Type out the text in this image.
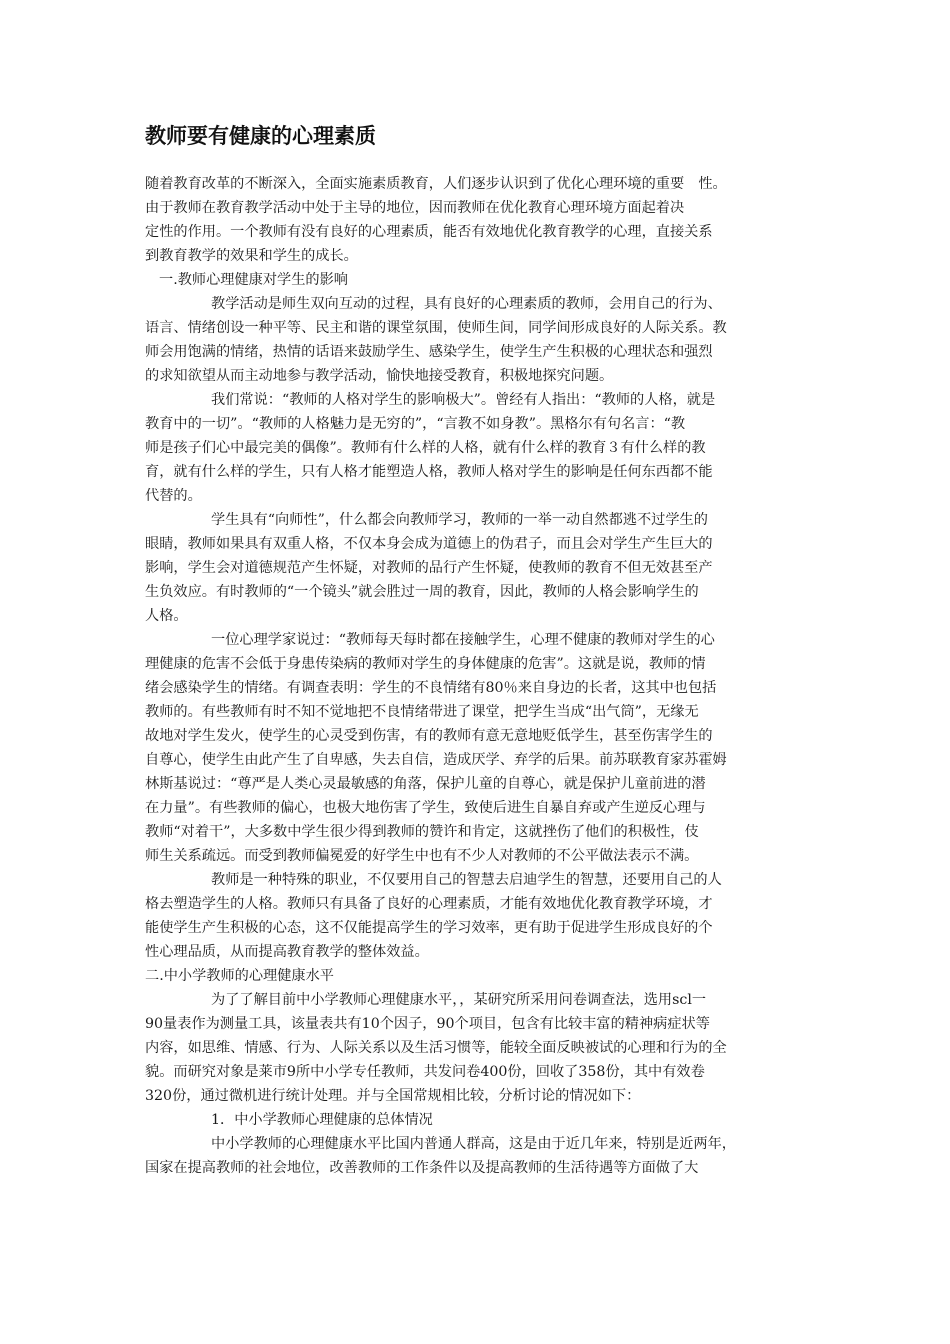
教师要有健康的心理素质
随着教育改革的不断深入，全面实施素质教育，人们逐步认识到了优化心理环境的重要　性。
由于教师在教育教学活动中处于主导的地位，因而教师在优化教育心理环境方面起着决
定性的作用。一个教师有没有良好的心理素质，能否有效地优化教育教学的心理，直接关系
到教育教学的效果和学生的成长。
一.教师心理健康对学生的影响
教学活动是师生双向互动的过程，具有良好的心理素质的教师，会用自己的行为、
语言、情绪创设一种平等、民主和谐的课堂氛围，使师生间，同学间形成良好的人际关系。教
师会用饱满的情绪，热情的话语来鼓励学生、感染学生，使学生产生积极的心理状态和强烈
的求知欲望从而主动地参与教学活动，愉快地接受教育，积极地探究问题。
我们常说：“教师的人格对学生的影响极大”。曾经有人指出：“教师的人格，就是
教育中的一切”。“教师的人格魅力是无穷的”，“言教不如身教”。黑格尔有句名言：“教
师是孩子们心中最完美的偶像”。教师有什么样的人格，就有什么样的教育３有什么样的教
育，就有什么样的学生，只有人格才能塑造人格，教师人格对学生的影响是任何东西都不能
代替的。
学生具有“向师性”，什么都会向教师学习，教师的一举一动自然都逃不过学生的
眼睛，教师如果具有双重人格，不仅本身会成为道德上的伪君子，而且会对学生产生巨大的
影响，学生会对道德规范产生怀疑，对教师的品行产生怀疑，使教师的教育不但无效甚至产
生负效应。有时教师的“一个镜头”就会胜过一周的教育，因此，教师的人格会影响学生的
人格。
一位心理学家说过：“教师每天每时都在接触学生，心理不健康的教师对学生的心
理健康的危害不会低于身患传染病的教师对学生的身体健康的危害”。这就是说，教师的情
绪会感染学生的情绪。有调查表明：学生的不良情绪有80％来自身边的长者，这其中也包括
教师的。有些教师有时不知不觉地把不良情绪带进了课堂，把学生当成“出气筒”，无缘无
故地对学生发火，使学生的心灵受到伤害，有的教师有意无意地贬低学生，甚至伤害学生的
自尊心，使学生由此产生了自卑感，失去自信，造成厌学、弃学的后果。前苏联教育家苏霍姆
林斯基说过：“尊严是人类心灵最敏感的角落，保护儿童的自尊心，就是保护儿童前进的潜
在力量”。有些教师的偏心，也极大地伤害了学生，致使后进生自暴自弃或产生逆反心理与
教师“对着干”，大多数中学生很少得到教师的赞许和肯定，这就挫伤了他们的积极性，伎
师生关系疏远。而受到教师偏冕爱的好学生中也有不少人对教师的不公平做法表示不满。
教师是一种特殊的职业，不仅要用自己的智慧去启迪学生的智慧，还要用自己的人
格去塑造学生的人格。教师只有具备了良好的心理素质，才能有效地优化教育教学环境，才
能使学生产生积极的心态，这不仅能提高学生的学习效率，更有助于促进学生形成良好的个
性心理品质，从而提高教育教学的整体效益。
二.中小学教师的心理健康水平
为了了解目前中小学教师心理健康水平，，某研究所采用问卷调查法，选用scl一
90量表作为测量工具，该量表共有10个因子，90个项目，包含有比较丰富的精神病症状等
内容，如思维、情感、行为、人际关系以及生活习惯等，能较全面反映被试的心理和行为的全
貌。而研究对象是莱市9所中小学专任教师，共发问卷400份，回收了358份，其中有效卷
320份，通过微机进行统计处理。并与全国常规相比较，分析讨论的情况如下：
1．中小学教师心理健康的总体情况
中小学教师的心理健康水平比国内普通人群高，这是由于近几年来，特别是近两年，
国家在提高教师的社会地位，改善教师的工作条件以及提高教师的生活待遇等方面做了大
